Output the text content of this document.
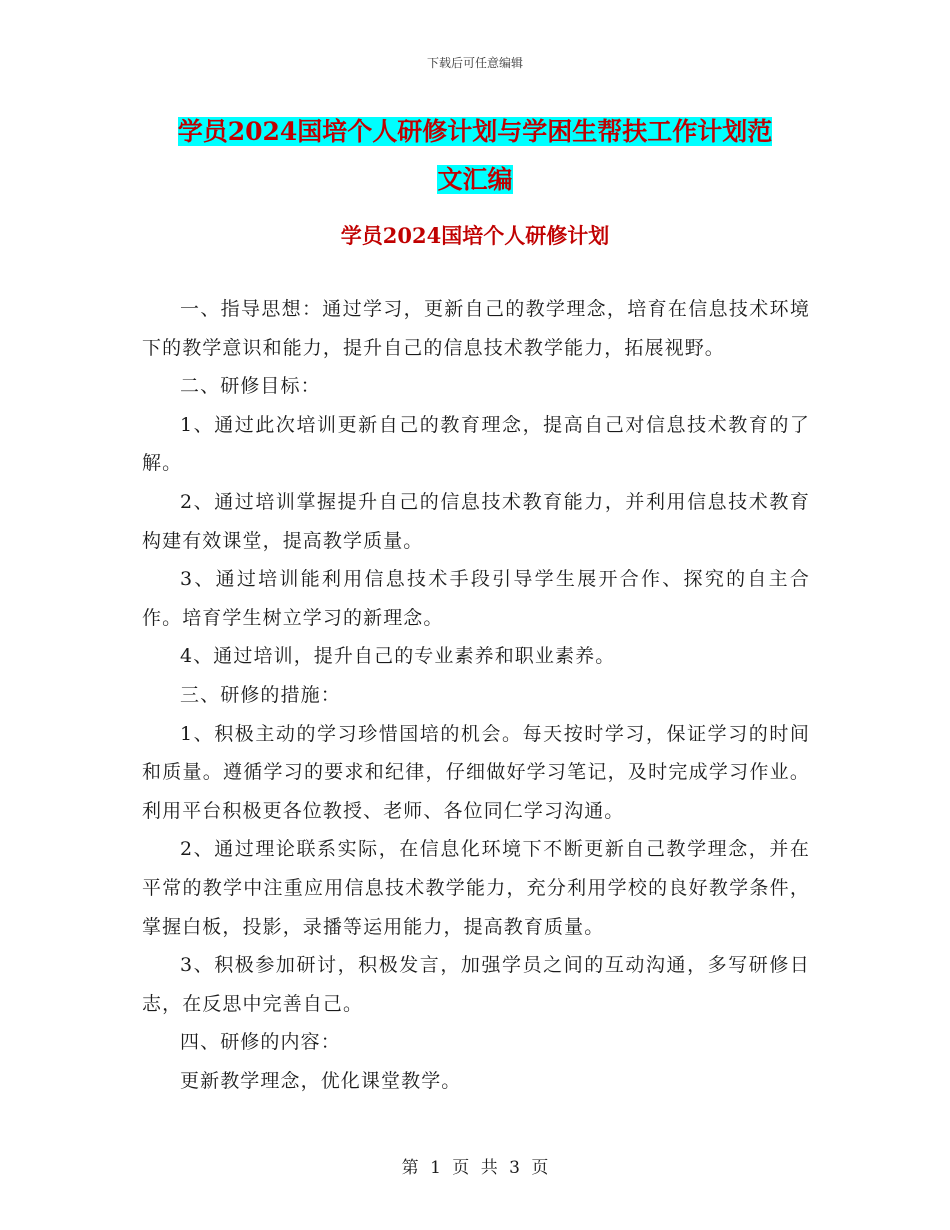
下载后可任意编辑
学员2024国培个人研修计划与学困生帮扶工作计划范
文汇编
学员2024国培个人研修计划

一、指导思想：通过学习，更新自己的教学理念，培育在信息技术环境下的教学意识和能力，提升自己的信息技术教学能力，拓展视野。

二、研修目标：

1、通过此次培训更新自己的教育理念，提高自己对信息技术教育的了解。

2、通过培训掌握提升自己的信息技术教育能力，并利用信息技术教育构建有效课堂，提高教学质量。

3、通过培训能利用信息技术手段引导学生展开合作、探究的自主合作。培育学生树立学习的新理念。

4、通过培训，提升自己的专业素养和职业素养。

三、研修的措施：

1、积极主动的学习珍惜国培的机会。每天按时学习，保证学习的时间和质量。遵循学习的要求和纪律，仔细做好学习笔记，及时完成学习作业。利用平台积极更各位教授、老师、各位同仁学习沟通。

2、通过理论联系实际，在信息化环境下不断更新自己教学理念，并在平常的教学中注重应用信息技术教学能力，充分利用学校的良好教学条件，掌握白板，投影，录播等运用能力，提高教育质量。

3、积极参加研讨，积极发言，加强学员之间的互动沟通，多写研修日志，在反思中完善自己。

四、研修的内容：

更新教学理念，优化课堂教学。

第 1 页 共 3 页
